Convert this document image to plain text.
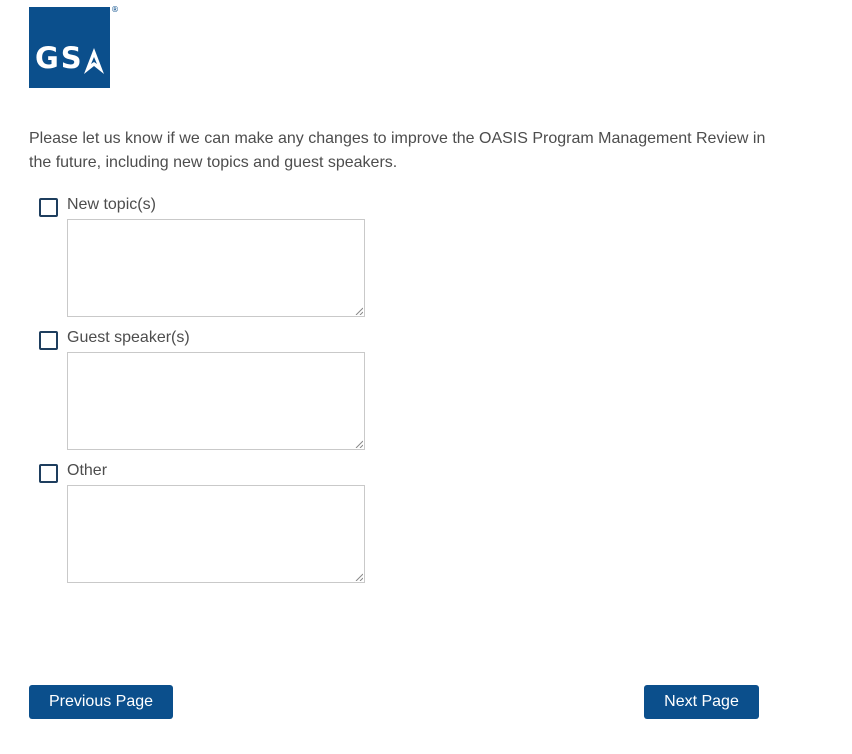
GS
®
Please let us know if we can make any changes to improve the OASIS Program Management Review in the future, including new topics and guest speakers.
New topic(s)
Guest speaker(s)
Other
Previous Page	Next Page
